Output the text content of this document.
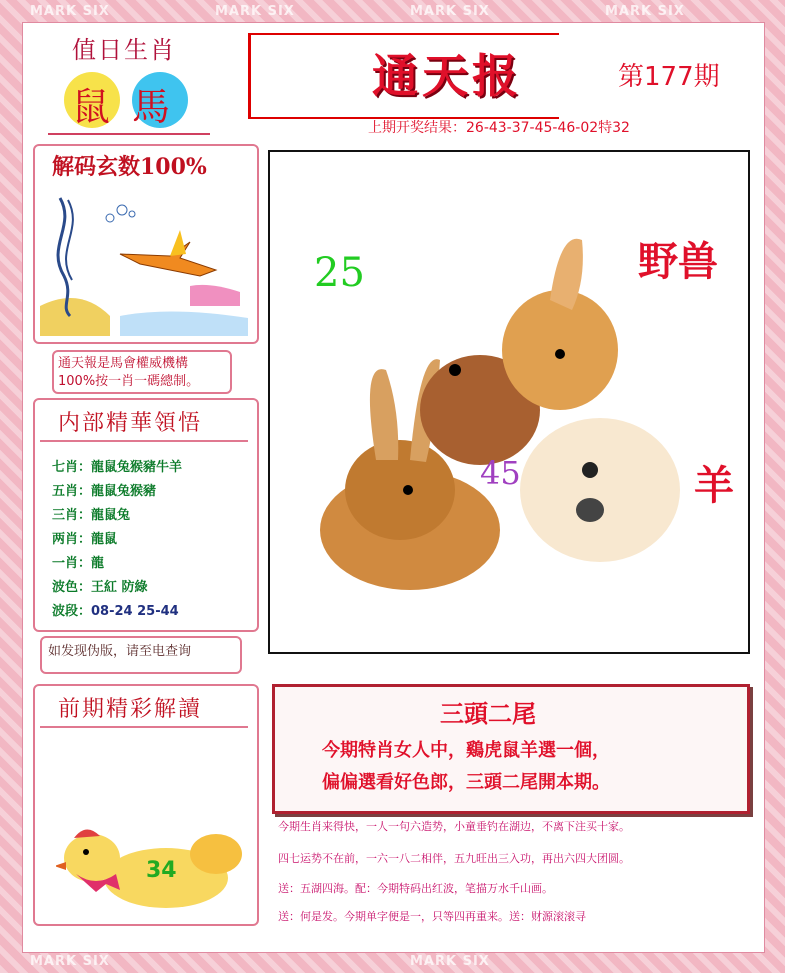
MARK SIX	MARK SIX	MARK SIX	MARK SIX
MARK SIX	MARK SIX
值日生肖
鼠 馬
通天报	第177期
上期开奖结果：26-43-37-45-46-02特32
解码玄数100%
通天報是馬會權威機構
100%按一肖一碼總制。
内部精華領悟
七肖：龍鼠兔猴豬牛羊
五肖：龍鼠兔猴豬
三肖：龍鼠兔
两肖：龍鼠
一肖：龍
波色：王紅 防綠
波段：08-24 25-44
如发现伪版，请至电查询
前期精彩解讀
34
25
45
野兽
羊
三頭二尾
今期特肖女人中，鷄虎鼠羊選一個，
偏偏選看好色郎，三頭二尾開本期。
今期生肖来得快，一人一句六造势，小童垂钓在湖边，不离下注买十家。
四七运势不在前，一六一八二相伴，五九旺出三入功，再出六四大团圆。
送：五湖四海。配：今期特码出红波，笔描万水千山画。
送：何是发。今期单字便是一，只等四再重来。送：财源滚滚寻
